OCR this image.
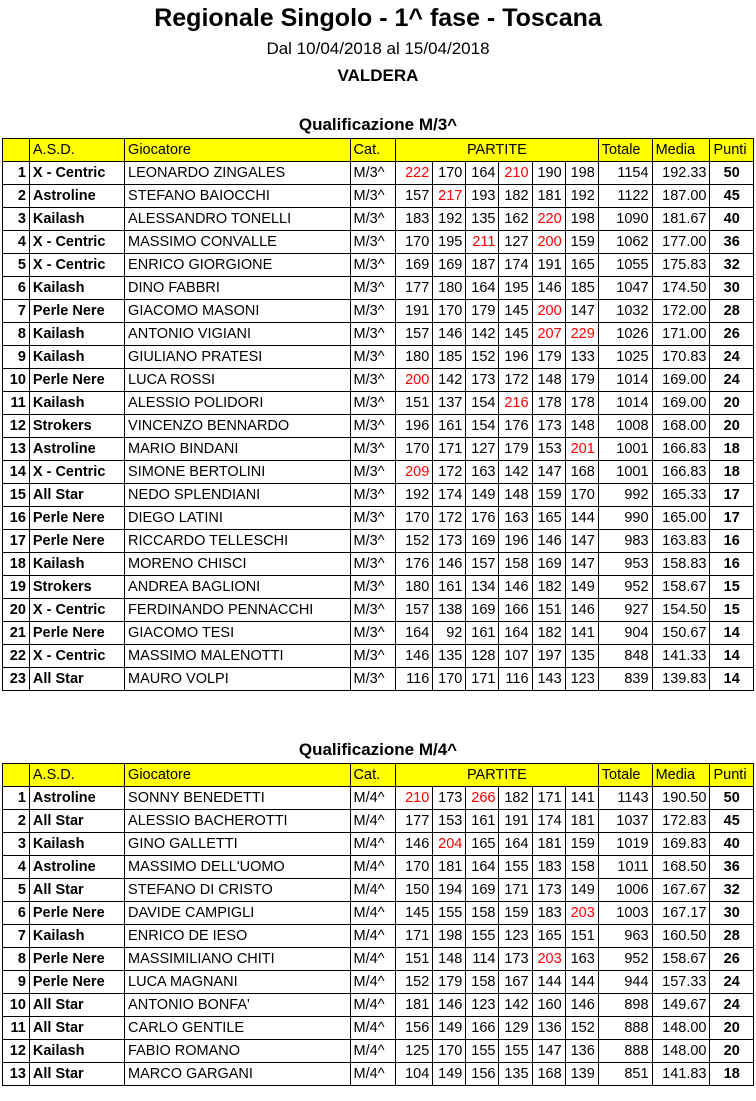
Regionale Singolo - 1^ fase - Toscana
Dal 10/04/2018 al 15/04/2018
VALDERA
Qualificazione M/3^
	A.S.D.	Giocatore	Cat.	PARTITE						Totale	Media	Punti
1	X - Centric	LEONARDO ZINGALES	M/3^	222	170	164	210	190	198	1154	192.33	50
2	Astroline	STEFANO BAIOCCHI	M/3^	157	217	193	182	181	192	1122	187.00	45
3	Kailash	ALESSANDRO TONELLI	M/3^	183	192	135	162	220	198	1090	181.67	40
4	X - Centric	MASSIMO CONVALLE	M/3^	170	195	211	127	200	159	1062	177.00	36
5	X - Centric	ENRICO GIORGIONE	M/3^	169	169	187	174	191	165	1055	175.83	32
6	Kailash	DINO FABBRI	M/3^	177	180	164	195	146	185	1047	174.50	30
7	Perle Nere	GIACOMO MASONI	M/3^	191	170	179	145	200	147	1032	172.00	28
8	Kailash	ANTONIO VIGIANI	M/3^	157	146	142	145	207	229	1026	171.00	26
9	Kailash	GIULIANO PRATESI	M/3^	180	185	152	196	179	133	1025	170.83	24
10	Perle Nere	LUCA ROSSI	M/3^	200	142	173	172	148	179	1014	169.00	24
11	Kailash	ALESSIO POLIDORI	M/3^	151	137	154	216	178	178	1014	169.00	20
12	Strokers	VINCENZO BENNARDO	M/3^	196	161	154	176	173	148	1008	168.00	20
13	Astroline	MARIO BINDANI	M/3^	170	171	127	179	153	201	1001	166.83	18
14	X - Centric	SIMONE BERTOLINI	M/3^	209	172	163	142	147	168	1001	166.83	18
15	All Star	NEDO SPLENDIANI	M/3^	192	174	149	148	159	170	992	165.33	17
16	Perle Nere	DIEGO LATINI	M/3^	170	172	176	163	165	144	990	165.00	17
17	Perle Nere	RICCARDO TELLESCHI	M/3^	152	173	169	196	146	147	983	163.83	16
18	Kailash	MORENO CHISCI	M/3^	176	146	157	158	169	147	953	158.83	16
19	Strokers	ANDREA BAGLIONI	M/3^	180	161	134	146	182	149	952	158.67	15
20	X - Centric	FERDINANDO PENNACCHI	M/3^	157	138	169	166	151	146	927	154.50	15
21	Perle Nere	GIACOMO TESI	M/3^	164	92	161	164	182	141	904	150.67	14
22	X - Centric	MASSIMO MALENOTTI	M/3^	146	135	128	107	197	135	848	141.33	14
23	All Star	MAURO VOLPI	M/3^	116	170	171	116	143	123	839	139.83	14
Qualificazione M/4^
	A.S.D.	Giocatore	Cat.	PARTITE						Totale	Media	Punti
1	Astroline	SONNY BENEDETTI	M/4^	210	173	266	182	171	141	1143	190.50	50
2	All Star	ALESSIO BACHEROTTI	M/4^	177	153	161	191	174	181	1037	172.83	45
3	Kailash	GINO GALLETTI	M/4^	146	204	165	164	181	159	1019	169.83	40
4	Astroline	MASSIMO DELL'UOMO	M/4^	170	181	164	155	183	158	1011	168.50	36
5	All Star	STEFANO DI CRISTO	M/4^	150	194	169	171	173	149	1006	167.67	32
6	Perle Nere	DAVIDE CAMPIGLI	M/4^	145	155	158	159	183	203	1003	167.17	30
7	Kailash	ENRICO DE IESO	M/4^	171	198	155	123	165	151	963	160.50	28
8	Perle Nere	MASSIMILIANO CHITI	M/4^	151	148	114	173	203	163	952	158.67	26
9	Perle Nere	LUCA MAGNANI	M/4^	152	179	158	167	144	144	944	157.33	24
10	All Star	ANTONIO BONFA'	M/4^	181	146	123	142	160	146	898	149.67	24
11	All Star	CARLO GENTILE	M/4^	156	149	166	129	136	152	888	148.00	20
12	Kailash	FABIO ROMANO	M/4^	125	170	155	155	147	136	888	148.00	20
13	All Star	MARCO GARGANI	M/4^	104	149	156	135	168	139	851	141.83	18
